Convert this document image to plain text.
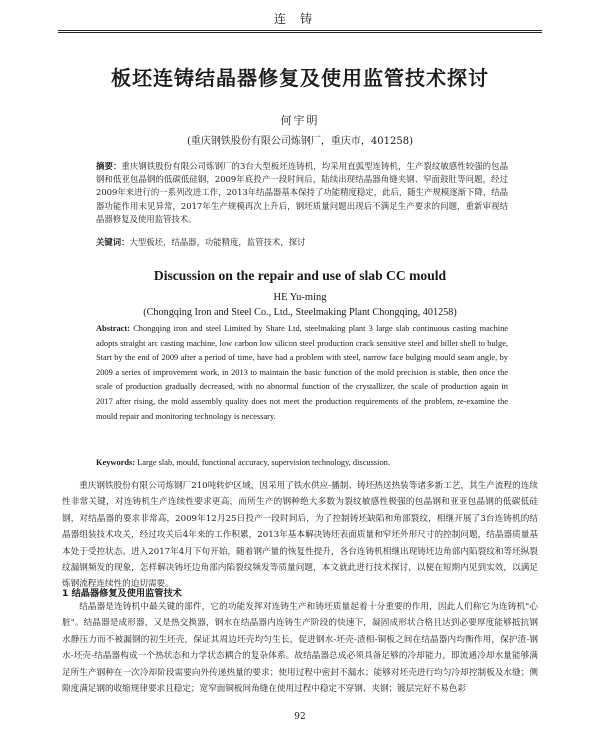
连铸
板坯连铸结晶器修复及使用监管技术探讨
何宇明
(重庆钢铁股份有限公司炼钢厂，重庆市，401258)
摘要：重庆钢铁股份有限公司炼钢厂的3台大型板坯连铸机，均采用直弧型连铸机，生产裂纹敏感性较强的包晶钢和低亚包晶钢的低碳低硅钢，2009年底投产一段时间后，陆续出现结晶器角缝夹钢、窄面鼓肚等问题，经过2009年来进行的一系列改进工作，2013年结晶器基本保持了功能精度稳定，此后，随生产规模逐渐下降，结晶器功能作用未见异常，2017年生产规模再次上升后，钢坯质量问题出现后不满足生产要求的问题，重新审视结晶器修复及使用监管技术。
关键词：大型板坯，结晶器，功能精度，监管技术，探讨
Discussion on the repair and use of slab CC mould
HE Yu-ming
(Chongqing Iron and Steel Co., Ltd., Steelmaking Plant Chongqing, 401258)
Abstract: Chongqing iron and steel Limited by Share Ltd, steelmaking plant 3 large slab continuous casting machine adopts straight arc casting machine, low carbon low silicon steel production crack sensitive steel and billet shell to bulge, Start by the end of 2009 after a period of time, have had a problem with steel, narrow face bulging mould seam angle, by 2009 a series of improvement work, in 2013 to maintain the basic function of the mold precision is stable, then once the scale of production gradually decreased, with no abnormal function of the crystallizer, the scale of production again in 2017 after rising, the mold assembly quality does not meet the production requirements of the problem, re-examine the mould repair and monitoring technology is necessary.
Keywords: Large slab, mould, functional accuracy, supervision technology, discussion.
重庆钢铁股份有限公司炼钢厂210吨转炉区域，因采用了铁水供应-播制、铸坯热送热装等诸多新工艺，其生产流程的连续性非常关键，对连铸机生产连续性要求更高，而所生产的钢种绝大多数为裂纹敏感性极强的包晶钢和亚亚包晶钢的低碳低硅钢，对结晶器的要求非常高，2009年12月25日投产一段时间后，为了控制铸坯缺陷和角部裂纹，相继开展了3台连铸机的结晶器组装技术攻关，经过攻关后4年来的工作积累，2013年基本解决铸坯表面质量和窄坯外形尺寸的控制问题，结晶器质量基本处于受控状态。进入2017年4月下旬开始，随着钢产量的恢复性提升，各台连铸机相继出现铸坯边角部内陷裂纹和等坯纵裂纹漏钢频发的现象，怎样解决铸坯边角部内陷裂纹频发等质量问题，本文就此进行技术探讨，以便在短期内见到实效，以满足炼钢流程连续性的迫切需要。
1 结晶器修复及使用监管技术
结晶器是连铸机中最关键的部件，它的功能发挥对连铸生产和铸坯质量起着十分重要的作用，因此人们称它为连铸机"心脏"。结晶器是成形器，又是热交换器，钢水在结晶器内连铸生产阶段的快速下，凝固成形状合格且达到必要厚度能够抵抗钢水静压力而不被漏钢的初生坯壳，保证其周边坯壳均匀生长，促进钢水-坯壳-渣相-铜板之间在结晶器内均衡作用，保护渣-钢水-坯壳-结晶器构成一个热状态和力学状态耦合的复杂体系。故结晶器总成必须具备足够的冷却能力，即流通冷却水量能够满足所生产钢种在一次冷却阶段需要向外传递热量的要求；使用过程中密封不漏水；能够对坯壳进行均匀冷却控制板及水缝；侧隙度满足钢的收缩规律要求且稳定；宽窄面铜板间角缝在使用过程中稳定不穿钢、夹钢；镀层完好不易色彩
92
